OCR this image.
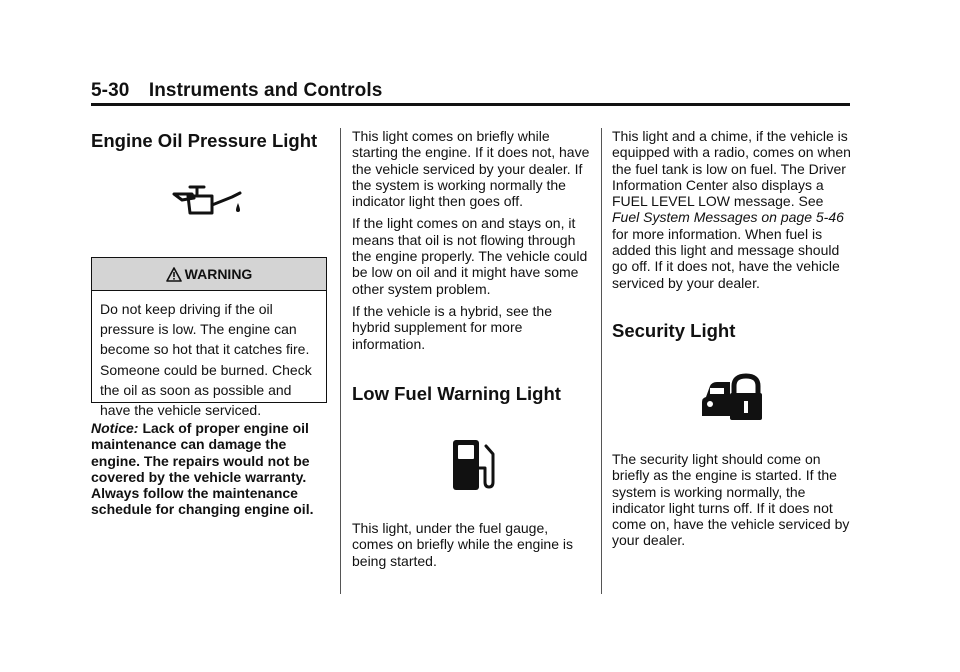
5-30 Instruments and Controls
Engine Oil Pressure Light
WARNING
Do not keep driving if the oil pressure is low. The engine can become so hot that it catches fire. Someone could be burned. Check the oil as soon as possible and have the vehicle serviced.
Notice: Lack of proper engine oil maintenance can damage the engine. The repairs would not be covered by the vehicle warranty. Always follow the maintenance schedule for changing engine oil.

This light comes on briefly while starting the engine. If it does not, have the vehicle serviced by your dealer. If the system is working normally the indicator light then goes off.

If the light comes on and stays on, it means that oil is not flowing through the engine properly. The vehicle could be low on oil and it might have some other system problem.

If the vehicle is a hybrid, see the hybrid supplement for more information.

Low Fuel Warning Light

This light, under the fuel gauge, comes on briefly while the engine is being started.

This light and a chime, if the vehicle is equipped with a radio, comes on when the fuel tank is low on fuel. The Driver Information Center also displays a FUEL LEVEL LOW message. See Fuel System Messages on page 5-46 for more information. When fuel is added this light and message should go off. If it does not, have the vehicle serviced by your dealer.

Security Light

The security light should come on briefly as the engine is started. If the system is working normally, the indicator light turns off. If it does not come on, have the vehicle serviced by your dealer.
